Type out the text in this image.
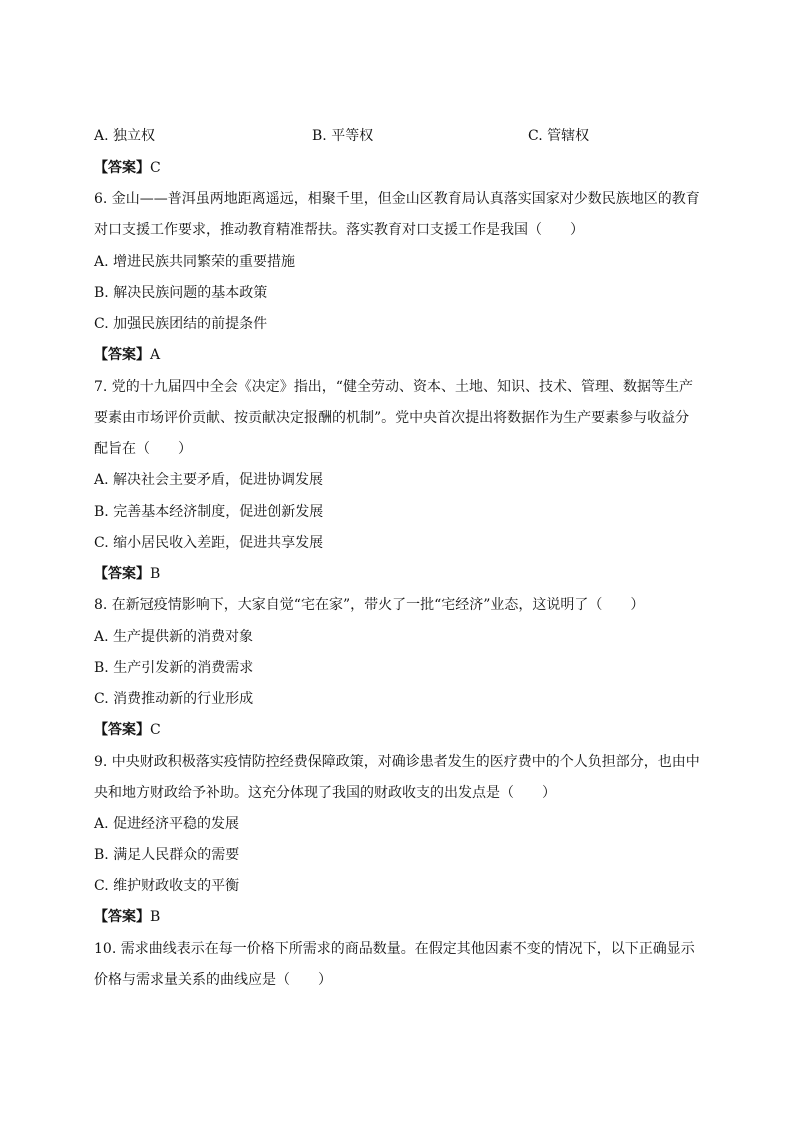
A. 独立权	B. 平等权	C. 管辖权
【答案】C
6. 金山——普洱虽两地距离遥远，相聚千里，但金山区教育局认真落实国家对少数民族地区的教育
对口支援工作要求，推动教育精准帮扶。落实教育对口支援工作是我国（　　）
A. 增进民族共同繁荣的重要措施
B. 解决民族问题的基本政策
C. 加强民族团结的前提条件
【答案】A
7. 党的十九届四中全会《决定》指出，“健全劳动、资本、土地、知识、技术、管理、数据等生产
要素由市场评价贡献、按贡献决定报酬的机制”。党中央首次提出将数据作为生产要素参与收益分
配旨在（　　）
A. 解决社会主要矛盾，促进协调发展
B. 完善基本经济制度，促进创新发展
C. 缩小居民收入差距，促进共享发展
【答案】B
8. 在新冠疫情影响下，大家自觉“宅在家”，带火了一批“宅经济”业态，这说明了（　　）
A. 生产提供新的消费对象
B. 生产引发新的消费需求
C. 消费推动新的行业形成
【答案】C
9. 中央财政积极落实疫情防控经费保障政策，对确诊患者发生的医疗费中的个人负担部分，也由中
央和地方财政给予补助。这充分体现了我国的财政收支的出发点是（　　）
A. 促进经济平稳的发展
B. 满足人民群众的需要
C. 维护财政收支的平衡
【答案】B
10. 需求曲线表示在每一价格下所需求的商品数量。在假定其他因素不变的情况下，以下正确显示
价格与需求量关系的曲线应是（　　）
